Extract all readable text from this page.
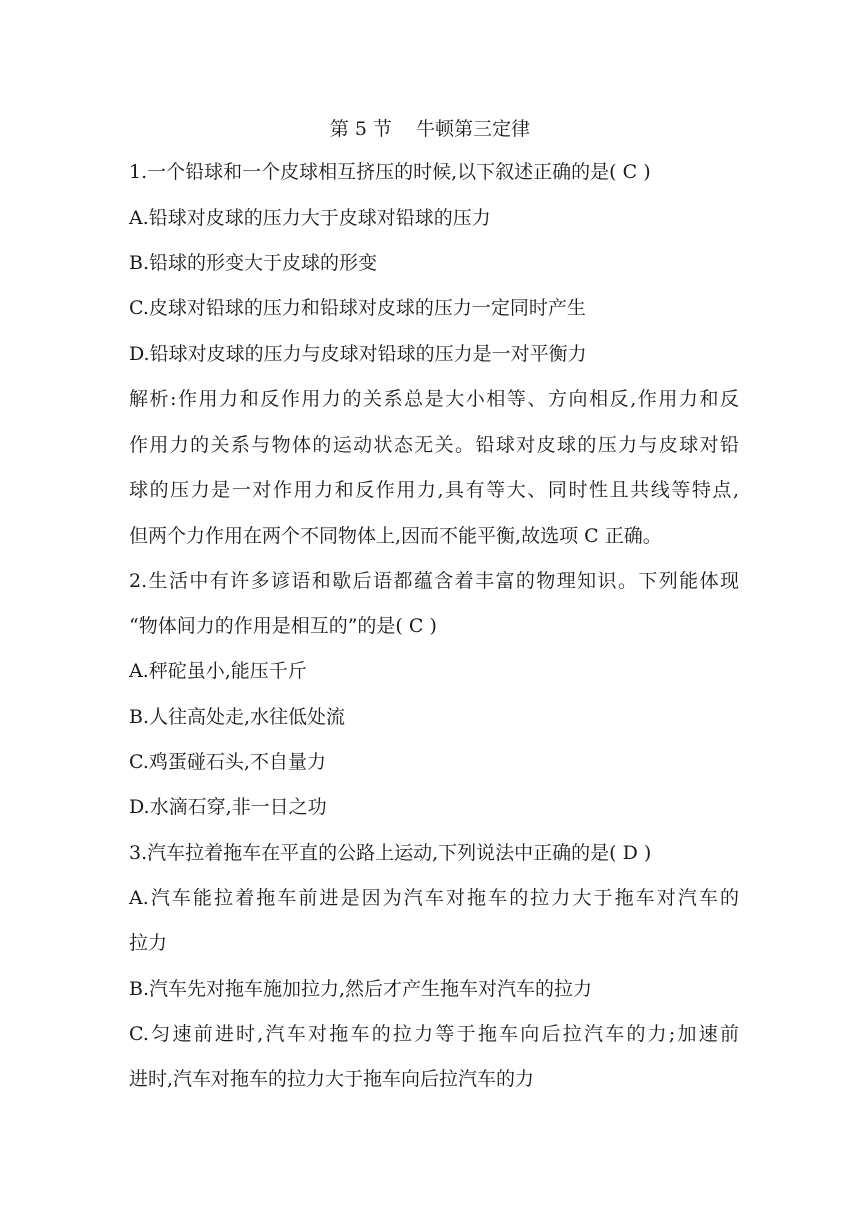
第 5 节    牛顿第三定律
1.一个铅球和一个皮球相互挤压的时候,以下叙述正确的是( C )
A.铅球对皮球的压力大于皮球对铅球的压力
B.铅球的形变大于皮球的形变
C.皮球对铅球的压力和铅球对皮球的压力一定同时产生
D.铅球对皮球的压力与皮球对铅球的压力是一对平衡力
解析:作用力和反作用力的关系总是大小相等、方向相反,作用力和反
作用力的关系与物体的运动状态无关。铅球对皮球的压力与皮球对铅
球的压力是一对作用力和反作用力,具有等大、同时性且共线等特点,
但两个力作用在两个不同物体上,因而不能平衡,故选项 C 正确。
2.生活中有许多谚语和歇后语都蕴含着丰富的物理知识。下列能体现
“物体间力的作用是相互的”的是( C )
A.秤砣虽小,能压千斤
B.人往高处走,水往低处流
C.鸡蛋碰石头,不自量力
D.水滴石穿,非一日之功
3.汽车拉着拖车在平直的公路上运动,下列说法中正确的是( D )
A.汽车能拉着拖车前进是因为汽车对拖车的拉力大于拖车对汽车的
拉力
B.汽车先对拖车施加拉力,然后才产生拖车对汽车的拉力
C.匀速前进时,汽车对拖车的拉力等于拖车向后拉汽车的力;加速前
进时,汽车对拖车的拉力大于拖车向后拉汽车的力
